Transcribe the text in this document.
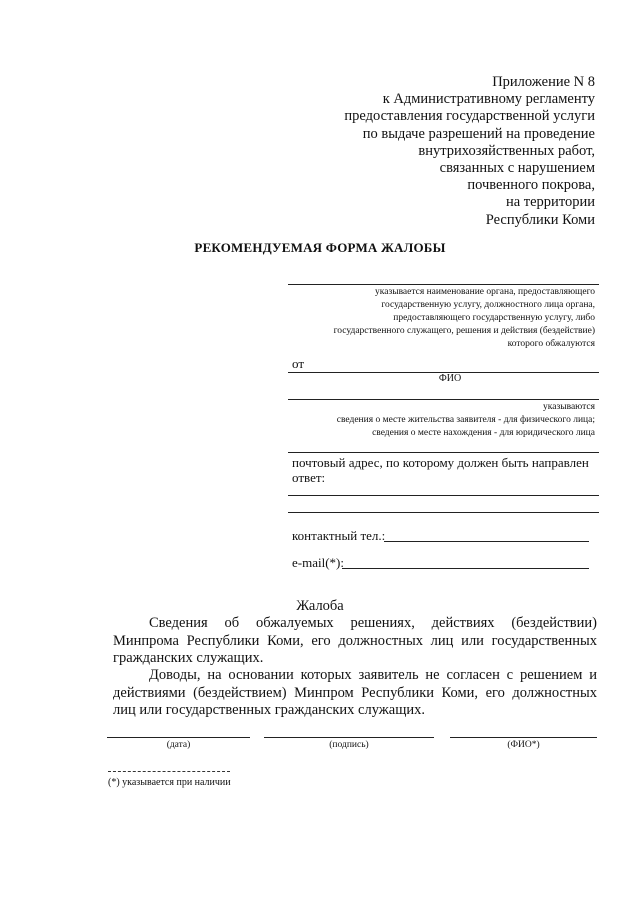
Приложение N 8
к Административному регламенту
предоставления государственной услуги
по выдаче разрешений на проведение
внутрихозяйственных работ,
связанных с нарушением
почвенного покрова,
на территории
Республики Коми
РЕКОМЕНДУЕМАЯ ФОРМА ЖАЛОБЫ
указывается наименование органа, предоставляющего
государственную услугу, должностного лица органа,
предоставляющего государственную услугу, либо
государственного служащего, решения и действия (бездействие)
которого обжалуются
от
ФИО
указываются
сведения о месте жительства заявителя - для физического лица;
сведения о месте нахождения - для юридического лица
почтовый адрес, по которому должен быть направлен ответ:
контактный тел.:
e-mail(*):
Жалоба
Сведения об обжалуемых решениях, действиях (бездействии) Минпрома Республики Коми, его должностных лиц или государственных гражданских служащих.
Доводы, на основании которых заявитель не согласен с решением и действиями (бездействием) Минпром Республики Коми, его должностных лиц или государственных гражданских служащих.
(дата)	(подпись)	(ФИО*)
(*) указывается при наличии
